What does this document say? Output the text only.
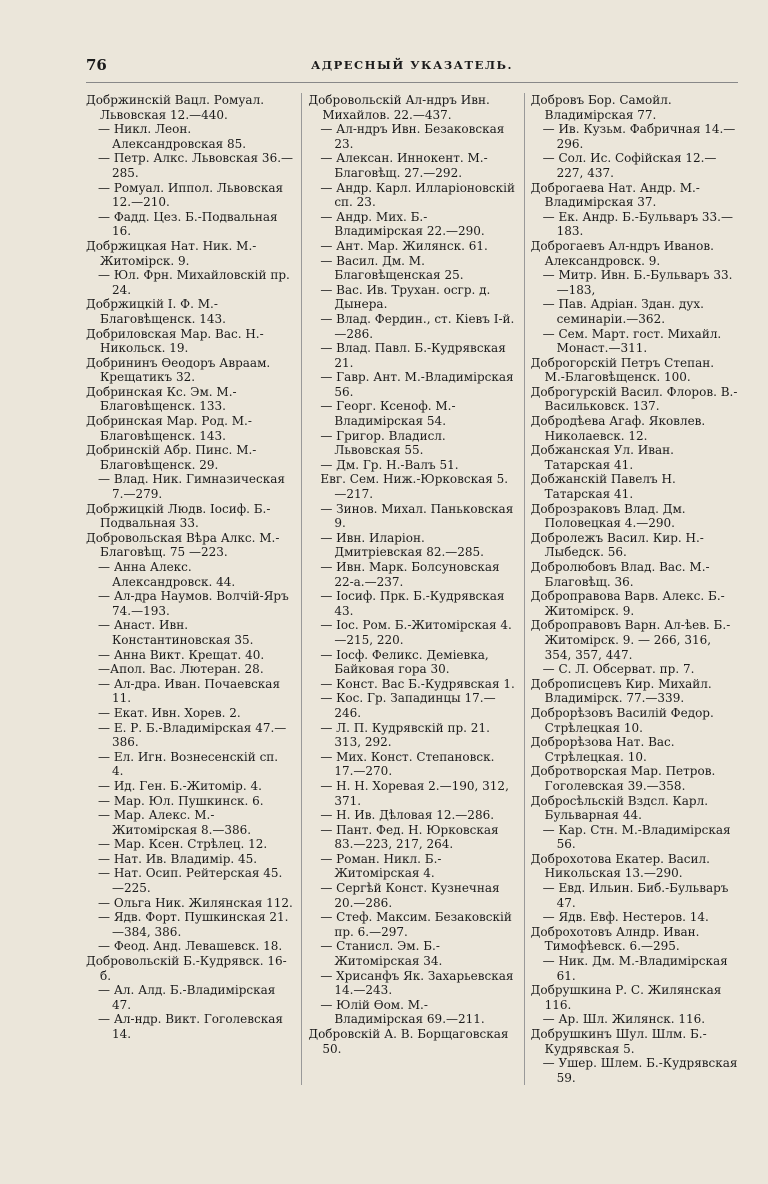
76	АДРЕСНЫЙ УКАЗАТЕЛЬ.
Добржинскій Вацл. Ромуал. Львовская 12.—440.
— Никл. Леон. Александровская 85.
— Петр. Алкс. Львовская 36.—285.
— Ромуал. Иппол. Львовская 12.—210.
— Фадд. Цез. Б.-Подвальная 16.
Добржицкая Нат. Ник. М.-Житомірск. 9.
— Юл. Фрн. Михайловскій пр. 24.
Добржицкій I. Ф. М.-Благовѣщенск. 143.
Добриловская Мар. Вас. Н.-Никольск. 19.
Добрининъ Ѳеодоръ Авраам. Крещатикъ 32.
Добринская Кс. Эм. М.-Благовѣщенск. 133.
Добринская Мар. Род. М.-Благовѣщенск. 143.
Добринскій Абр. Пинс. М.-Благовѣщенск. 29.
— Влад. Ник. Гимназическая 7.—279.
Добржицкій Людв. Іосиф. Б.-Подвальная 33.
Добровольская Вѣра Алкс. М.-Благовѣщ. 75 —223.
— Анна Алекс. Александровск. 44.
— Ал-дра Наумов. Волчій-Яръ 74.—193.
— Анаст. Ивн. Константиновская 35.
— Анна Викт. Крещат. 40.
—Апол. Вас. Лютеран. 28.
— Ал-дра. Иван. Почаевская 11.
— Екат. Ивн. Хорев. 2.
— Е. Р. Б.-Владимірская 47.—386.
— Ел. Игн. Вознесенскій сп. 4.
— Ид. Ген. Б.-Житомір. 4.
— Мар. Юл. Пушкинск. 6.
— Мар. Алекс. М.-Житомірская 8.—386.
— Мар. Ксен. Стрѣлец. 12.
— Нат. Ив. Владимір. 45.
— Нат. Осип. Рейтерская 45.—225.
— Ольга Ник. Жилянская 112.
— Ядв. Форт. Пушкинская 21.—384, 386.
— Феод. Анд. Левашевск. 18.
Добровольскій Б.-Кудрявск. 16-б.
— Ал. Алд. Б.-Владимірская 47.
— Ал-ндр. Викт. Гоголевская 14.
Добровольскій Ал-ндръ Ивн. Михайлов. 22.—437.
— Ал-ндръ Ивн. Безаковская 23.
— Алексан. Иннокент. М.-Благовѣщ. 27.—292.
— Андр. Карл. Илларіоновскій сп. 23.
— Андр. Мих. Б.-Владимірская 22.—290.
— Ант. Мар. Жилянск. 61.
— Васил. Дм. М. Благовѣщенская 25.
— Вас. Ив. Трухан. осгр. д. Дынера.
— Влад. Фердин., ст. Кіевъ I-й.—286.
— Влад. Павл. Б.-Кудрявская 21.
— Гавр. Ант. М.-Владимірская 56.
— Георг. Ксеноф. М.-Владимірская 54.
— Григор. Владисл. Львовская 55.
— Дм. Гр. Н.-Валъ 51.
Евг. Сем. Ниж.-Юрковская 5.—217.
— Зинов. Михал. Паньковская 9.
— Ивн. Иларіон. Дмитріевская 82.—285.
— Ивн. Марк. Болсуновская 22-а.—237.
— Іосиф. Прк. Б.-Кудрявская 43.
— Іос. Ром. Б.-Житомірская 4.—215, 220.
— Іосф. Феликс. Деміевка, Байковая гора 30.
— Конст. Вас Б.-Кудрявская 1.
— Кос. Гр. Западинцы 17.—246.
— Л. П. Кудрявскій пр. 21. 313, 292.
— Мих. Конст. Степановск. 17.—270.
— Н. Н. Хоревая 2.—190, 312, 371.
— Н. Ив. Дѣловая 12.—286.
— Пант. Фед. Н. Юрковская 83.—223, 217, 264.
— Роман. Никл. Б.-Житомірская 4.
— Сергѣй Конст. Кузнечная 20.—286.
— Стеф. Максим. Безаковскій пр. 6.—297.
— Станисл. Эм. Б.-Житомірская 34.
— Хрисанфъ Як. Захарьевская 14.—243.
— Юлій Ѳом. М.-Владимірская 69.—211.
Добровскій А. В. Борщаговская 50.
Добровъ Бор. Самойл. Владимірская 77.
— Ив. Кузьм. Фабричная 14.—296.
— Сол. Ис. Софійская 12.—227, 437.
Доброгаева Нат. Андр. М.-Владимірская 37.
— Ек. Андр. Б.-Бульваръ 33.—183.
Доброгаевъ Ал-ндръ Иванов. Александровск. 9.
— Митр. Ивн. Б.-Бульваръ 33.—183,
— Пав. Адріан. Здан. дух. семинаріи.—362.
— Сем. Март. гост. Михайл. Монаст.—311.
Доброгорскій Петръ Степан. М.-Благовѣщенск. 100.
Доброгурскій Васил. Флоров. В.-Васильковск. 137.
Добродѣева Агаф. Яковлев. Николаевск. 12.
Добжанская Ул. Иван. Татарская 41.
Добжанскій Павелъ Н. Татарская 41.
Доброзраковъ Влад. Дм. Половецкая 4.—290.
Добролежъ Васил. Кир. Н.-Лыбедск. 56.
Добролюбовъ Влад. Вас. М.-Благовѣщ. 36.
Доброправова Варв. Алекс. Б.-Житомірск. 9.
Доброправовъ Варн. Ал-ѣев. Б.-Житомірск. 9. — 266, 316, 354, 357, 447.
— С. Л. Обсерват. пр. 7.
Добропиcцевъ Кир. Михайл. Владимірск. 77.—339.
Доброрѣзовъ Василій Федор. Стрѣлецкая 10.
Доброрѣзова Нат. Вас. Стрѣлецкая. 10.
Добротворская Мар. Петров. Гоголевская 39.—358.
Добросѣльскій Вздсл. Карл. Бульварная 44.
— Кар. Стн. М.-Владимірская 56.
Доброхотова Екатер. Васил. Никольская 13.—290.
— Евд. Ильин. Биб.-Бульваръ 47.
— Ядв. Евф. Нестеров. 14.
Доброхотовъ Алндр. Иван. Тимофѣевск. 6.—295.
— Ник. Дм. М.-Владимірская 61.
Добрушкина Р. С. Жилянская 116.
— Ар. Шл. Жилянск. 116.
Добрушкинъ Шул. Шлм. Б.-Кудрявская 5.
— Ушер. Шлем. Б.-Кудрявская 59.
